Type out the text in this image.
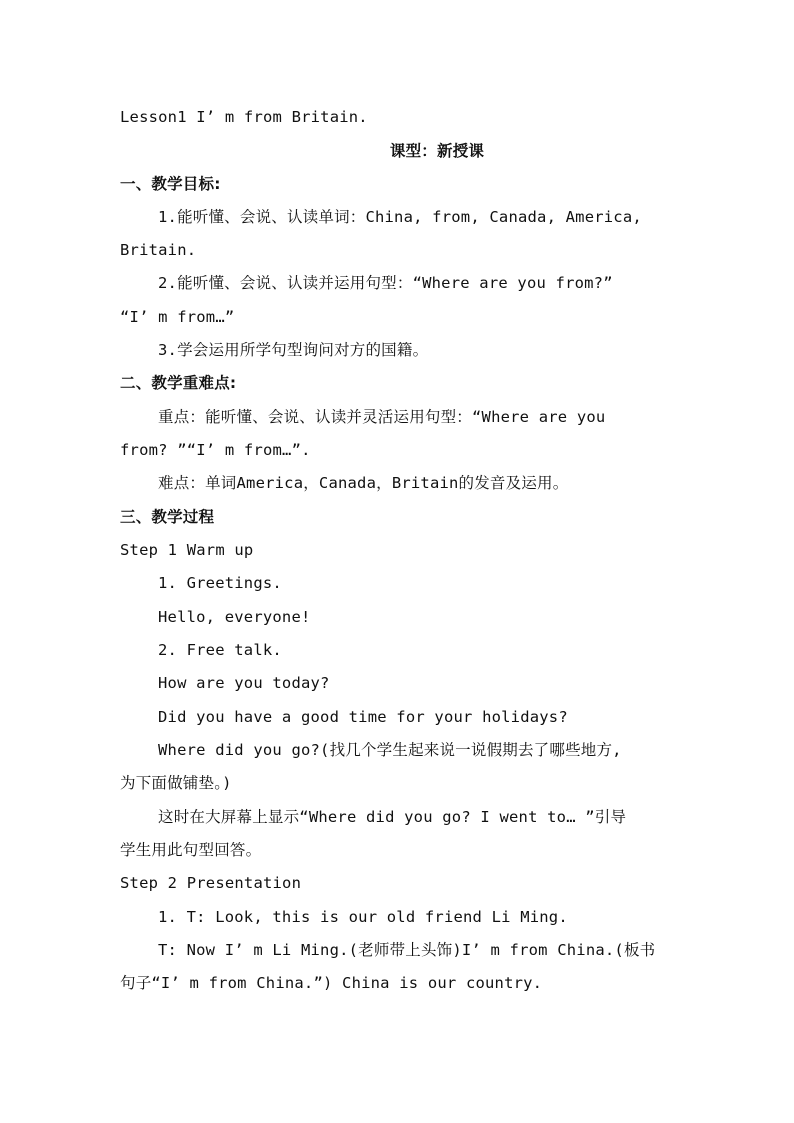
Lesson1 I’ m from Britain.
课型：新授课
一、教学目标:
1.能听懂、会说、认读单词：China, from, Canada, America,
Britain.
2.能听懂、会说、认读并运用句型：“Where are you from?”
“I’ m from…”
3.学会运用所学句型询问对方的国籍。
二、教学重难点:
重点：能听懂、会说、认读并灵活运用句型：“Where are you
from? ”“I’ m from…”.
难点：单词America，Canada，Britain的发音及运用。
三、教学过程
Step 1 Warm up
1. Greetings.
Hello, everyone!
2. Free talk.
How are you today?
Did you have a good time for your holidays?
Where did you go?(找几个学生起来说一说假期去了哪些地方,
为下面做铺垫。)
这时在大屏幕上显示“Where did you go? I went to… ”引导
学生用此句型回答。
Step 2 Presentation
1. T: Look, this is our old friend Li Ming.
T: Now I’ m Li Ming.(老师带上头饰)I’ m from China.(板书
句子“I’ m from China.”) China is our country.
